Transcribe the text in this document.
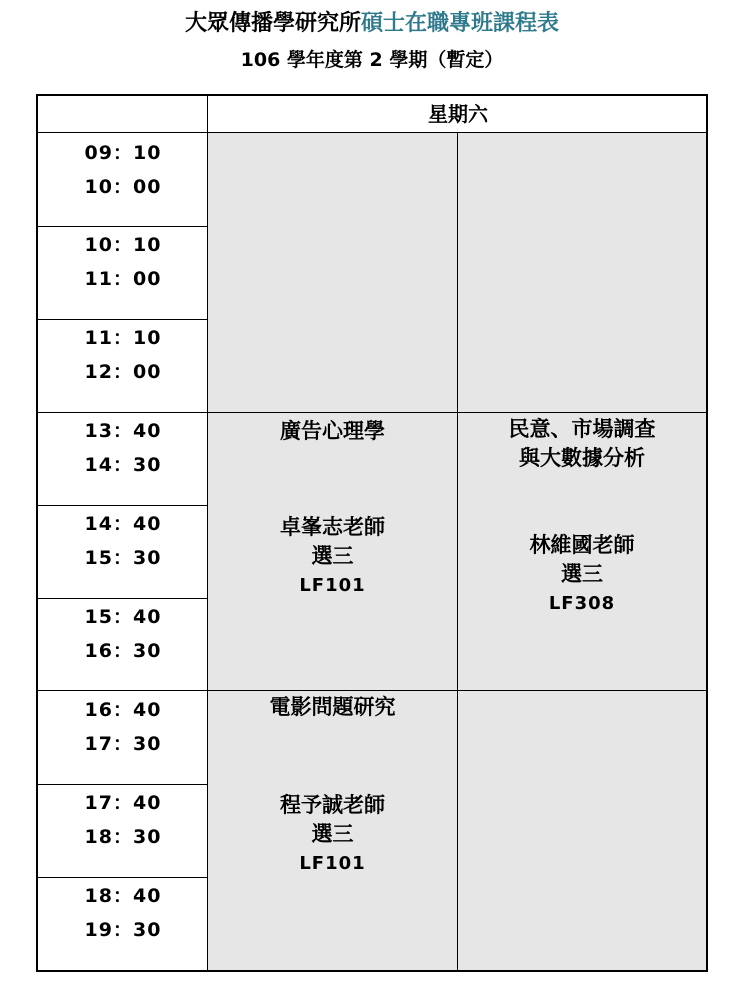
大眾傳播學研究所碩士在職專班課程表
106 學年度第 2 學期（暫定）
星期六
09：10
10：00
10：10
11：00
11：10
12：00
13：40
14：30
14：40
15：30
15：40
16：30
16：40
17：30
17：40
18：30
18：40
19：30
廣告心理學
卓峯志老師
選三
LF101
民意、市場調查
與大數據分析
林維國老師
選三
LF308
電影問題研究
程予誠老師
選三
LF101
